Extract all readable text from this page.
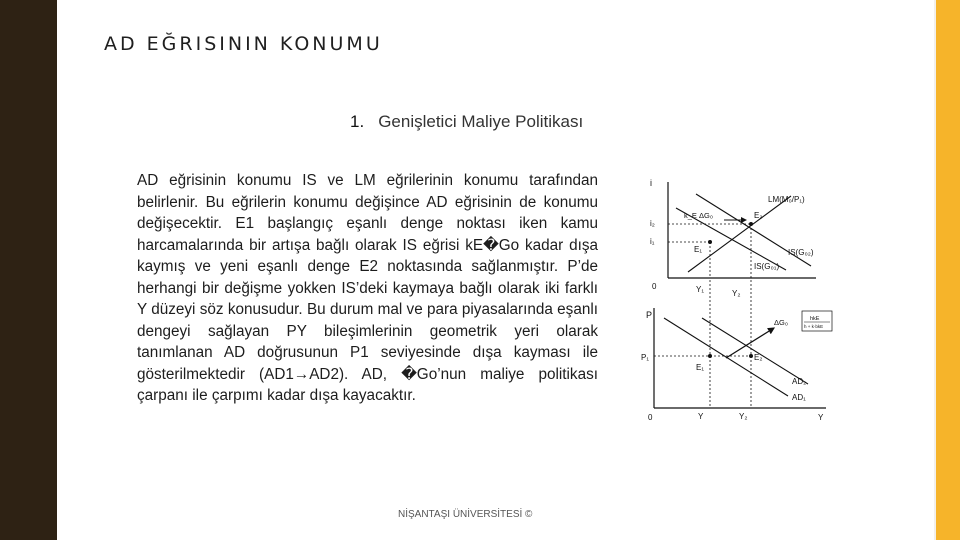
AD EĞRISININ KONUMU
1. Genişletici Maliye Politikası

AD eğrisinin konumu IS ve LM eğrilerinin konumu tarafından belirlenir. Bu eğrilerin konumu değişince AD eğrisinin de konumu değişecektir. E1 başlangıç eşanlı denge noktası iken kamu harcamalarında bir artışa bağlı olarak IS eğrisi kE�Go kadar dışa kaymış ve yeni eşanlı denge E2 noktasında sağlanmıştır. P’de herhangi bir değişme yokken IS’deki kaymaya bağlı olarak iki farklı Y düzeyi söz konusudur. Bu durum mal ve para piyasalarında eşanlı dengeyi sağlayan PY bileşimlerinin geometrik yeri olarak tanımlanan AD doğrusunun P1 seviyesinde dışa kayması ile gösterilmektedir (AD1→AD2). AD, �Go’nun maliye politikası çarpanı ile çarpımı kadar dışa kayacaktır.

i
i₂
i₁
0
LM(M₀/P₁)
IS(G₀₂)
IS(G₀₁)
k_E ΔG₀	E₂
E₁
Y₁	Y₂
P
P₁
0
ΔG₀	hkE
h + k·bkE
AD₂
AD₁
E₁
E₂
Y	Y₂	Y
NİŞANTAŞI ÜNİVERSİTESİ ©
